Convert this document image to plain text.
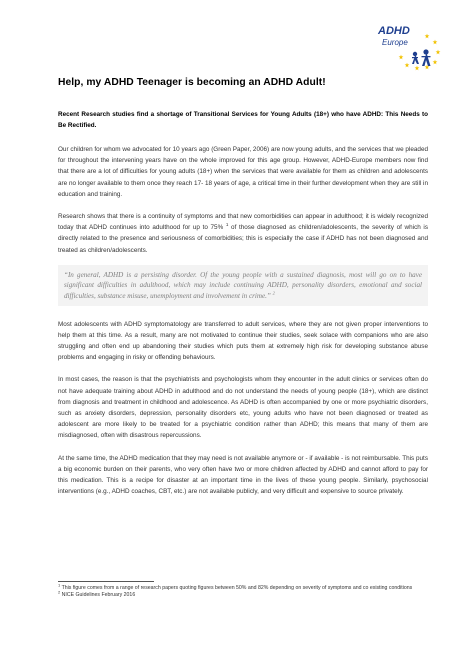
ADHD
Europe
Help, my ADHD Teenager is becoming an ADHD Adult!
Recent Research studies find a shortage of Transitional Services for Young Adults (18+) who have ADHD: This Needs to Be Rectified.

Our children for whom we advocated for 10 years ago (Green Paper, 2006) are now young adults, and the services that we pleaded for throughout the intervening years have on the whole improved for this age group. However, ADHD-Europe members now find that there are a lot of difficulties for young adults (18+) when the services that were available for them as children and adolescents are no longer available to them once they reach 17- 18 years of age, a critical time in their further development when they are still in education and training.

Research shows that there is a continuity of symptoms and that new comorbidities can appear in adulthood; it is widely recognized today that ADHD continues into adulthood for up to 75% $^1$ of those diagnosed as children/adolescents, the severity of which is directly related to the presence and seriousness of comorbidities; this is especially the case if ADHD has not been diagnosed and treated as children/adolescents.

“In general, ADHD is a persisting disorder. Of the young people with a sustained diagnosis, most will go on to have significant difficulties in adulthood, which may include continuing ADHD, personality disorders, emotional and social difficulties, substance misuse, unemployment and involvement in crime.” $^2$

Most adolescents with ADHD symptomatology are transferred to adult services, where they are not given proper interventions to help them at this time. As a result, many are not motivated to continue their studies, seek solace with companions who are also struggling and often end up abandoning their studies which puts them at extremely high risk for developing substance abuse problems and engaging in risky or offending behaviours.

In most cases, the reason is that the psychiatrists and psychologists whom they encounter in the adult clinics or services often do not have adequate training about ADHD in adulthood and do not understand the needs of young people (18+), which are distinct from diagnosis and treatment in childhood and adolescence. As ADHD is often accompanied by one or more psychiatric disorders, such as anxiety disorders, depression, personality disorders etc, young adults who have not been diagnosed or treated as adolescent are more likely to be treated for a psychiatric condition rather than ADHD; this means that many of them are misdiagnosed, often with disastrous repercussions.

At the same time, the ADHD medication that they may need is not available anymore or - if available - is not reimbursable. This puts a big economic burden on their parents, who very often have two or more children affected by ADHD and cannot afford to pay for this medication. This is a recipe for disaster at an important time in the lives of these young people. Similarly, psychosocial interventions (e.g., ADHD coaches, CBT, etc.) are not available publicly, and very difficult and expensive to source privately.

$^1$ This figure comes from a range of research papers quoting figures between 50% and 82% depending on severity of symptoms and co existing conditions
$^2$ NICE Guidelines February 2016
